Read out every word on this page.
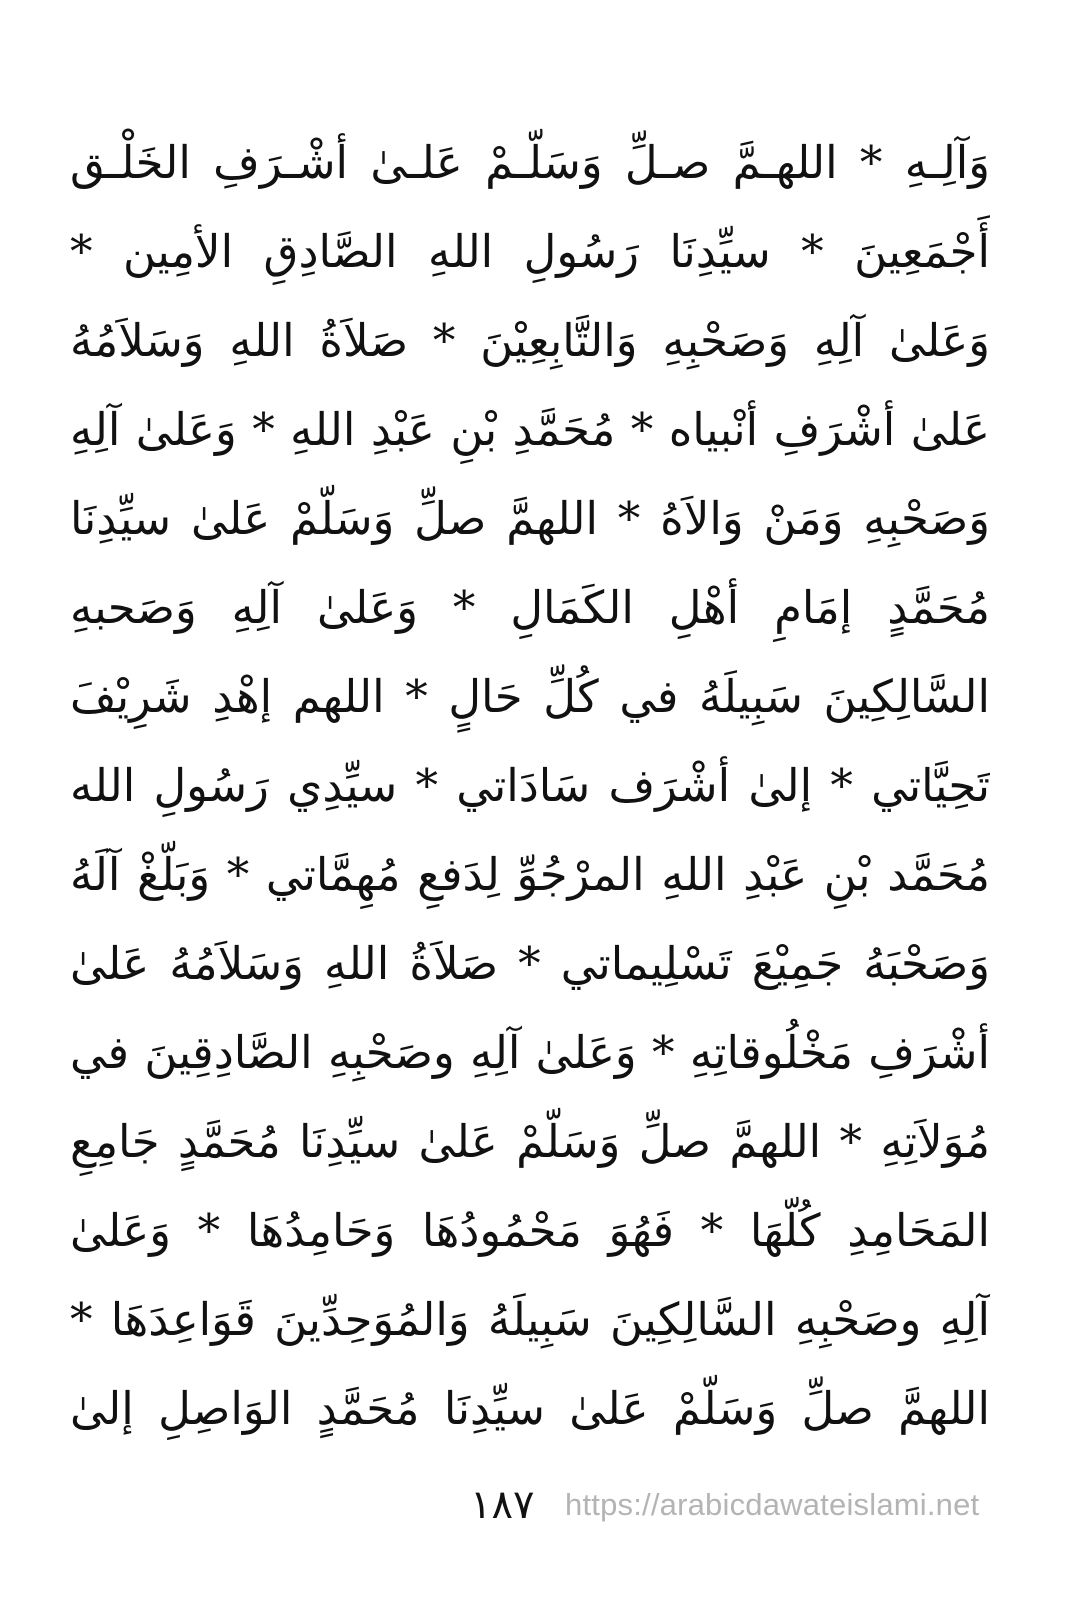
وَآلِـهِ * اللهـمَّ صـلِّ وَسَلّـمْ عَلـىٰ أشْـرَفِ الخَلْـق
أَجْمَعِينَ * سيِّدِنَا رَسُولِ اللهِ الصَّادِقِ الأمِين *
وَعَلىٰ آلِهِ وَصَحْبِهِ وَالتَّابِعِيْنَ * صَلاَةُ اللهِ وَسَلاَمُهُ
عَلىٰ أشْرَفِ أنْبياه * مُحَمَّدِ بْنِ عَبْدِ اللهِ * وَعَلىٰ آلِهِ
وَصَحْبِهِ وَمَنْ وَالاَهُ * اللهمَّ صلِّ وَسَلّمْ عَلىٰ سيِّدِنَا
مُحَمَّدٍ إمَامِ أهْلِ الكَمَالِ * وَعَلىٰ آلِهِ وَصَحبهِ
السَّالِكِينَ سَبِيلَهُ في كُلِّ حَالٍ * اللهم إهْدِ شَرِيْفَ
تَحِيَّاتي * إلىٰ أشْرَف سَادَاتي * سيِّدِي رَسُولِ الله
مُحَمَّد بْنِ عَبْدِ اللهِ المرْجُوِّ لِدَفعِ مُهِمَّاتي * وَبَلّغْ آلَهُ
وَصَحْبَهُ جَمِيْعَ تَسْلِيماتي * صَلاَةُ اللهِ وَسَلاَمُهُ عَلىٰ
أشْرَفِ مَخْلُوقاتِهِ * وَعَلىٰ آلِهِ وصَحْبِهِ الصَّادِقِينَ في
مُوَلاَتِهِ * اللهمَّ صلِّ وَسَلّمْ عَلىٰ سيِّدِنَا مُحَمَّدٍ جَامِعِ
المَحَامِدِ كُلّهَا * فَهُوَ مَحْمُودُهَا وَحَامِدُهَا * وَعَلىٰ
آلِهِ وصَحْبِهِ السَّالِكِينَ سَبِيلَهُ وَالمُوَحِدِّينَ قَوَاعِدَهَا *
اللهمَّ صلِّ وَسَلّمْ عَلىٰ سيِّدِنَا مُحَمَّدٍ الوَاصِلِ إلىٰ
١٨٧ https://arabicdawateislami.net
